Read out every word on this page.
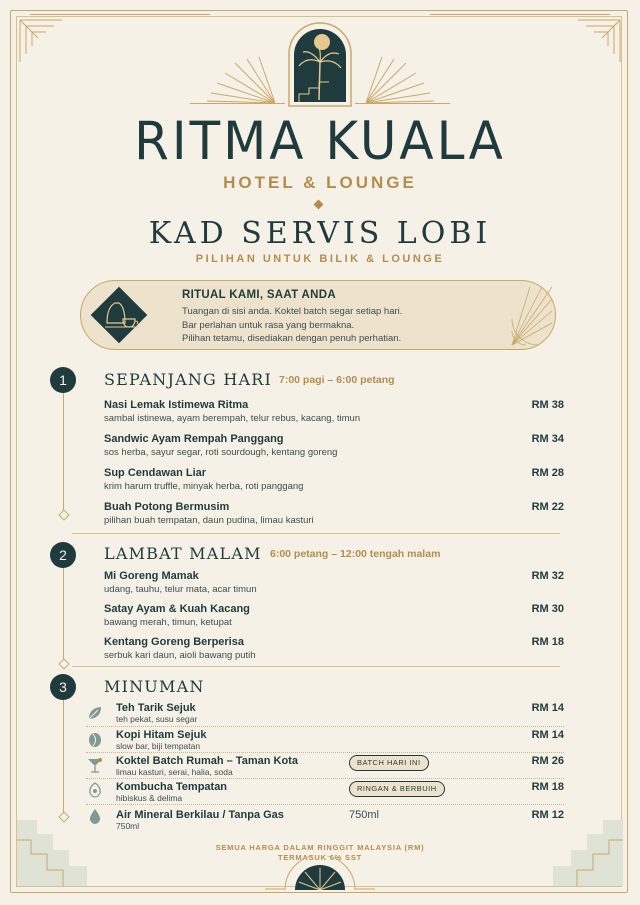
RITMA KUALA
HOTEL & LOUNGE
KAD SERVIS LOBI
PILIHAN UNTUK BILIK & LOUNGE
RITUAL KAMI, SAAT ANDA
Tuangan di sisi anda. Koktel batch segar setiap hari.
Bar perlahan untuk rasa yang bermakna.
Pilihan tetamu, disediakan dengan penuh perhatian.
1	SEPANJANG HARI 7:00 pagi – 6:00 petang
Nasi Lemak Istimewa Ritma
sambal istinewa, ayam berempah, telur rebus, kacang, timun
RM 38
Sandwic Ayam Rempah Panggang
sos herba, sayur segar, roti sourdough, kentang goreng
RM 34
Sup Cendawan Liar
krim harum truffle, minyak herba, roti panggang
RM 28
Buah Potong Bermusim
pilihan buah tempatan, daun pudina, limau kasturi
RM 22
2	LAMBAT MALAM 6:00 petang – 12:00 tengah malam
Mi Goreng Mamak
udang, tauhu, telur mata, acar timun
RM 32
Satay Ayam & Kuah Kacang
bawang merah, timun, ketupat
RM 30
Kentang Goreng Berperisa
serbuk kari daun, aioli bawang putih
RM 18
3	MINUMAN
Teh Tarik Sejuk
teh pekat, susu segar
RM 14
Kopi Hitam Sejuk
slow bar, biji tempatan
RM 14
Koktel Batch Rumah – Taman Kota
limau kasturi, serai, halia, soda
BATCH HARI INI	RM 26
Kombucha Tempatan
hibiskus & delima
RINGAN & BERBUIH	RM 18
Air Mineral Berkilau / Tanpa Gas
750ml
750ml	RM 12
SEMUA HARGA DALAM RINGGIT MALAYSIA (RM)
TERMASUK 6% SST
